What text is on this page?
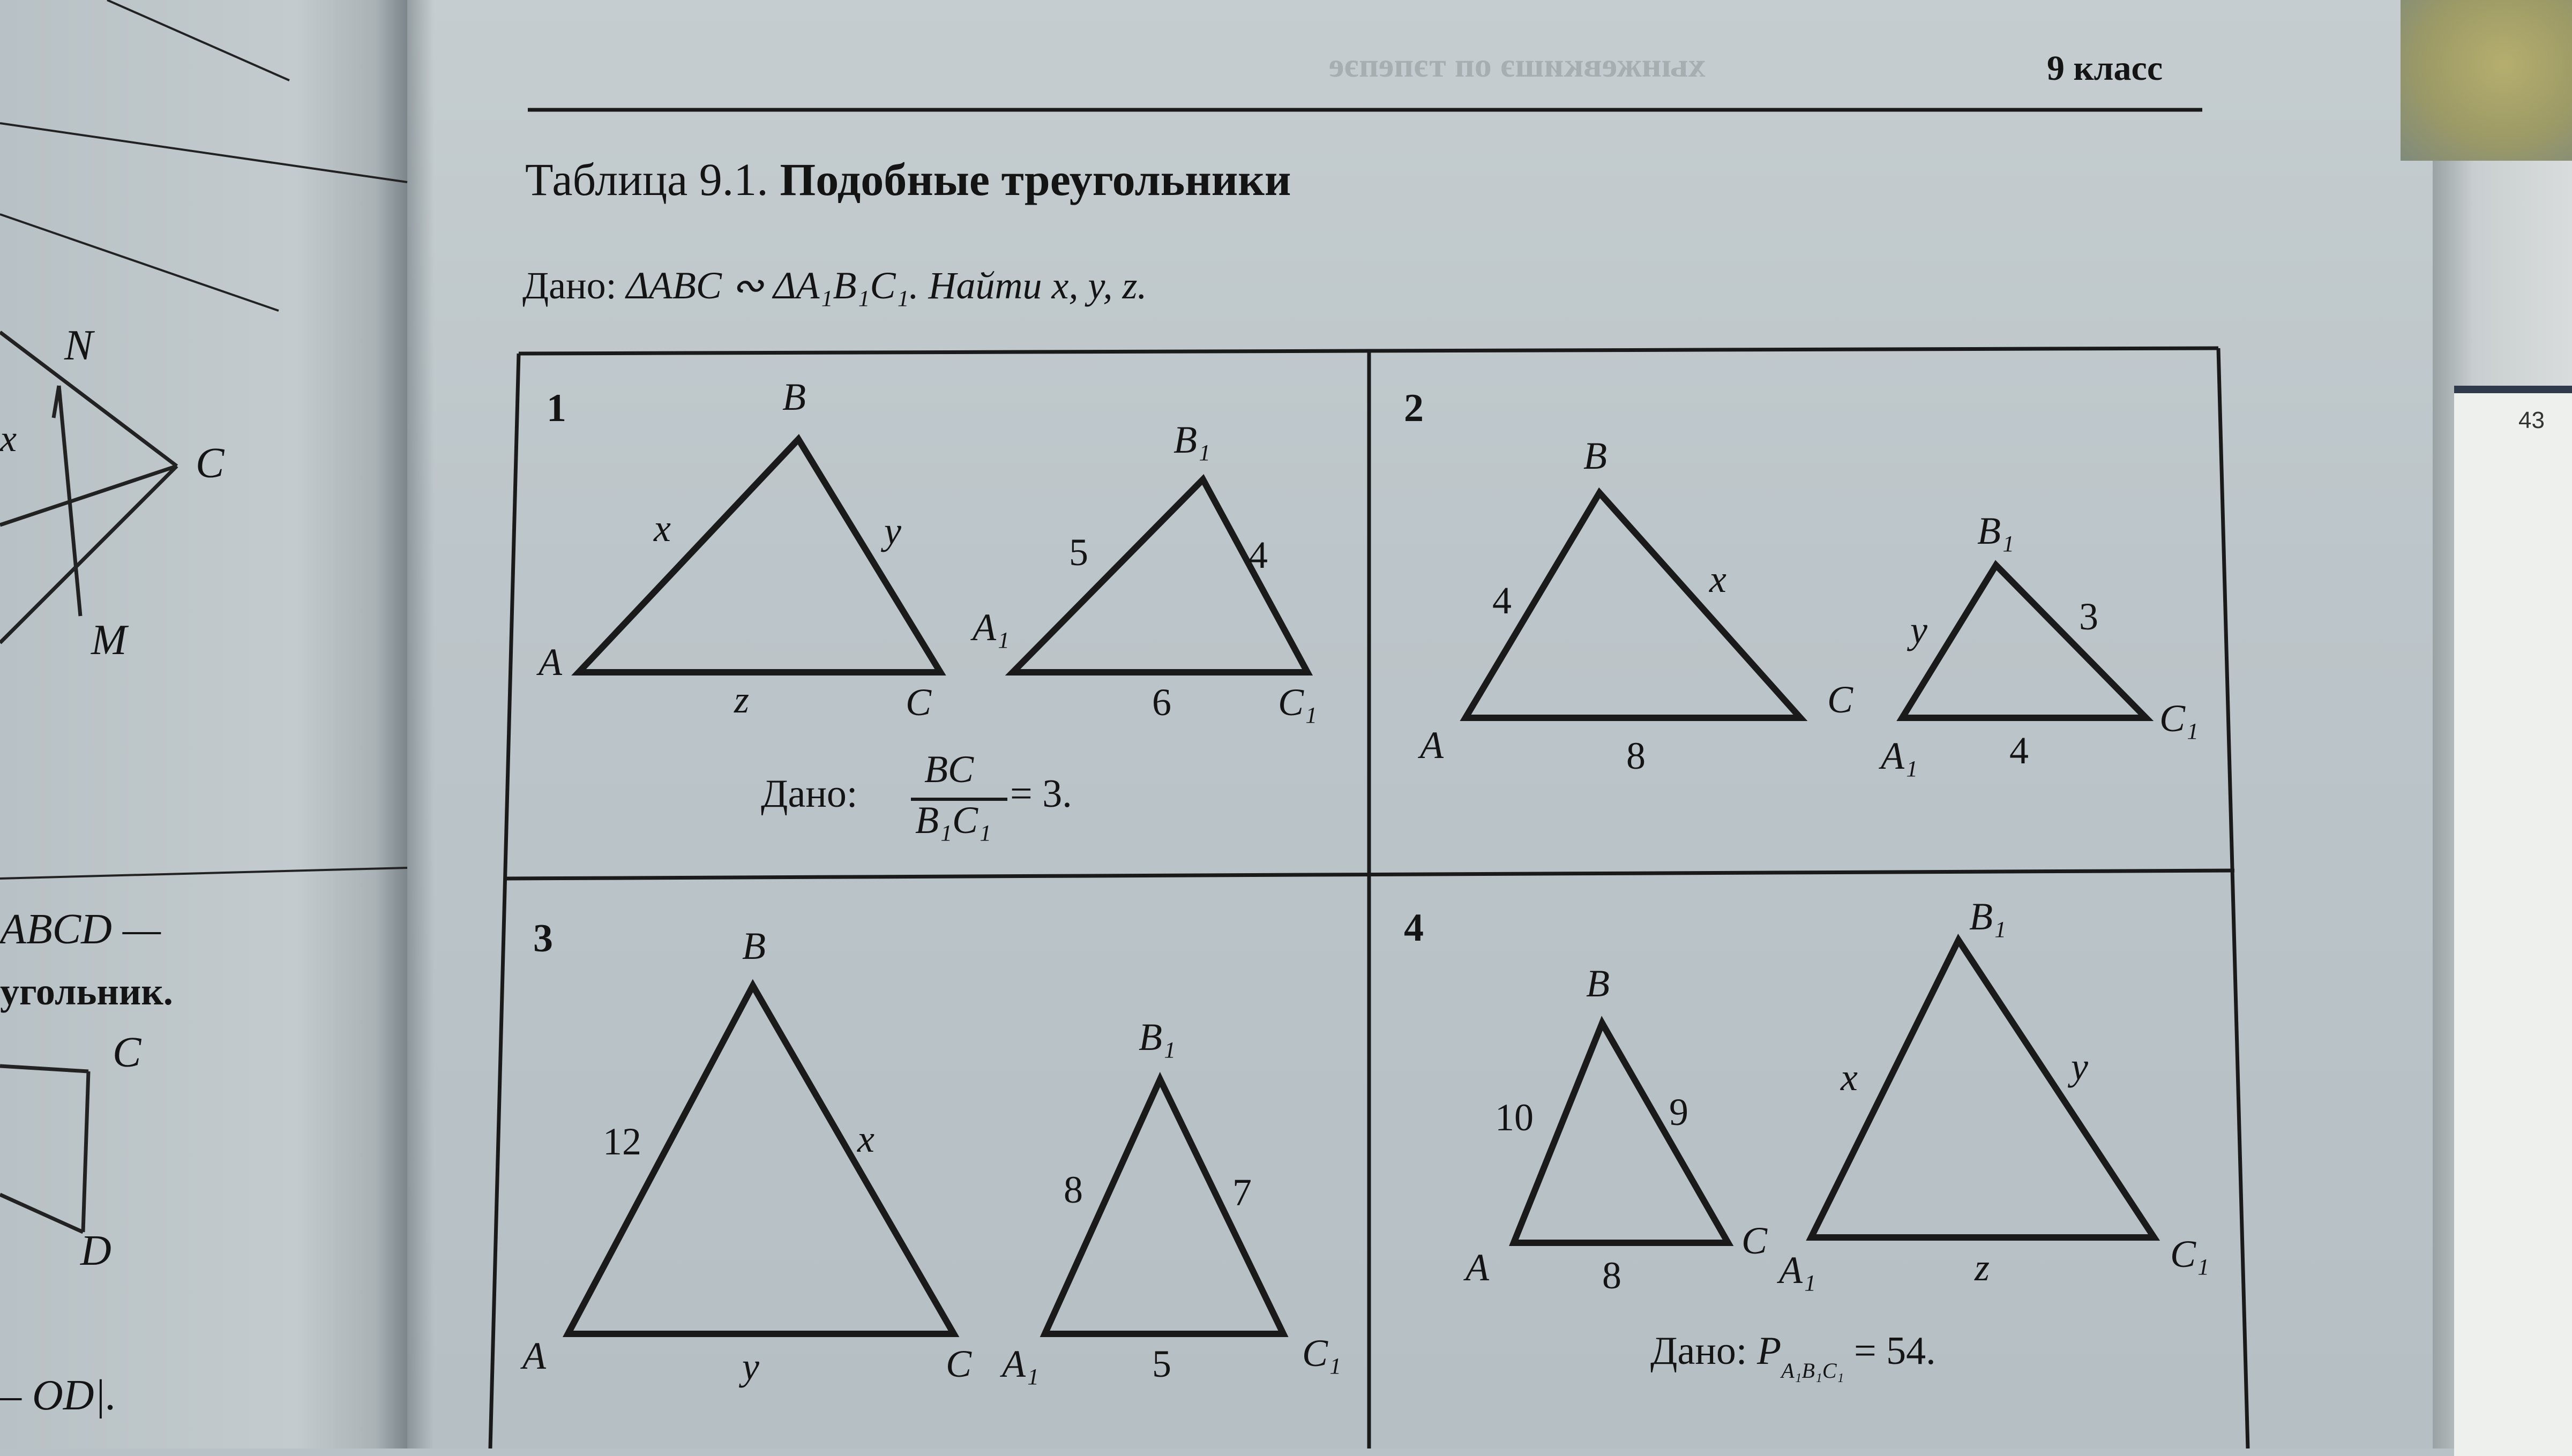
43
хынжевкишэ оп тэпепэе	9 класс
Таблица 9.1. Подобные треугольники
Дано: ΔABC ∾ ΔA₁B₁C₁. Найти x, y, z.
1
A
B
C
x	y
z
A₁
B₁
C₁
5	4
6
Дано:
BC
B₁C₁
= 3.
2
A
B
C
4	x
8	A₁
B₁
C₁
y	3
4
3
A
B
C
12	x
y	A₁
B₁
C₁
8	7
5
4
A
B
C
10	9
8	A₁
B₁
C₁
x	y
z
Дано: $P_{A_1B_1C_1} = 54$.
N
C
M
x
ABCD —
угольник.
C
D
– OD|.
